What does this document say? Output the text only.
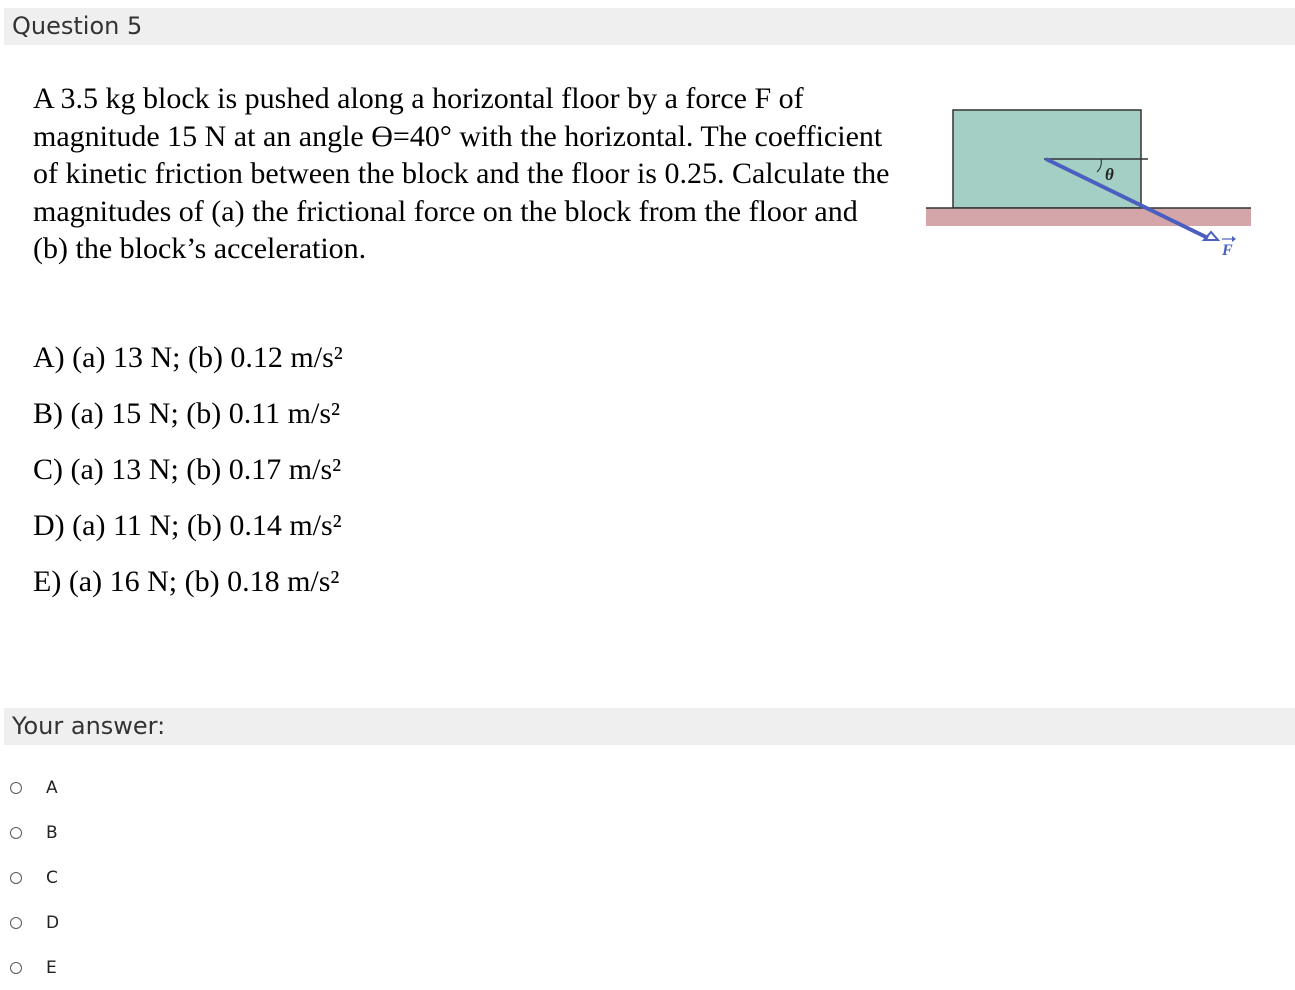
Question 5
A 3.5 kg block is pushed along a horizontal floor by a force F of magnitude 15 N at an angle ϴ=40° with the horizontal. The coefficient of kinetic friction between the block and the floor is 0.25. Calculate the magnitudes of (a) the frictional force on the block from the floor and (b) the block’s acceleration.
θ
F
A) (a) 13 N; (b) 0.12 m/s²
B) (a) 15 N; (b) 0.11 m/s²
C) (a) 13 N; (b) 0.17 m/s²
D) (a) 11 N; (b) 0.14 m/s²
E) (a) 16 N; (b) 0.18 m/s²
Your answer:
A
B
C
D
E
